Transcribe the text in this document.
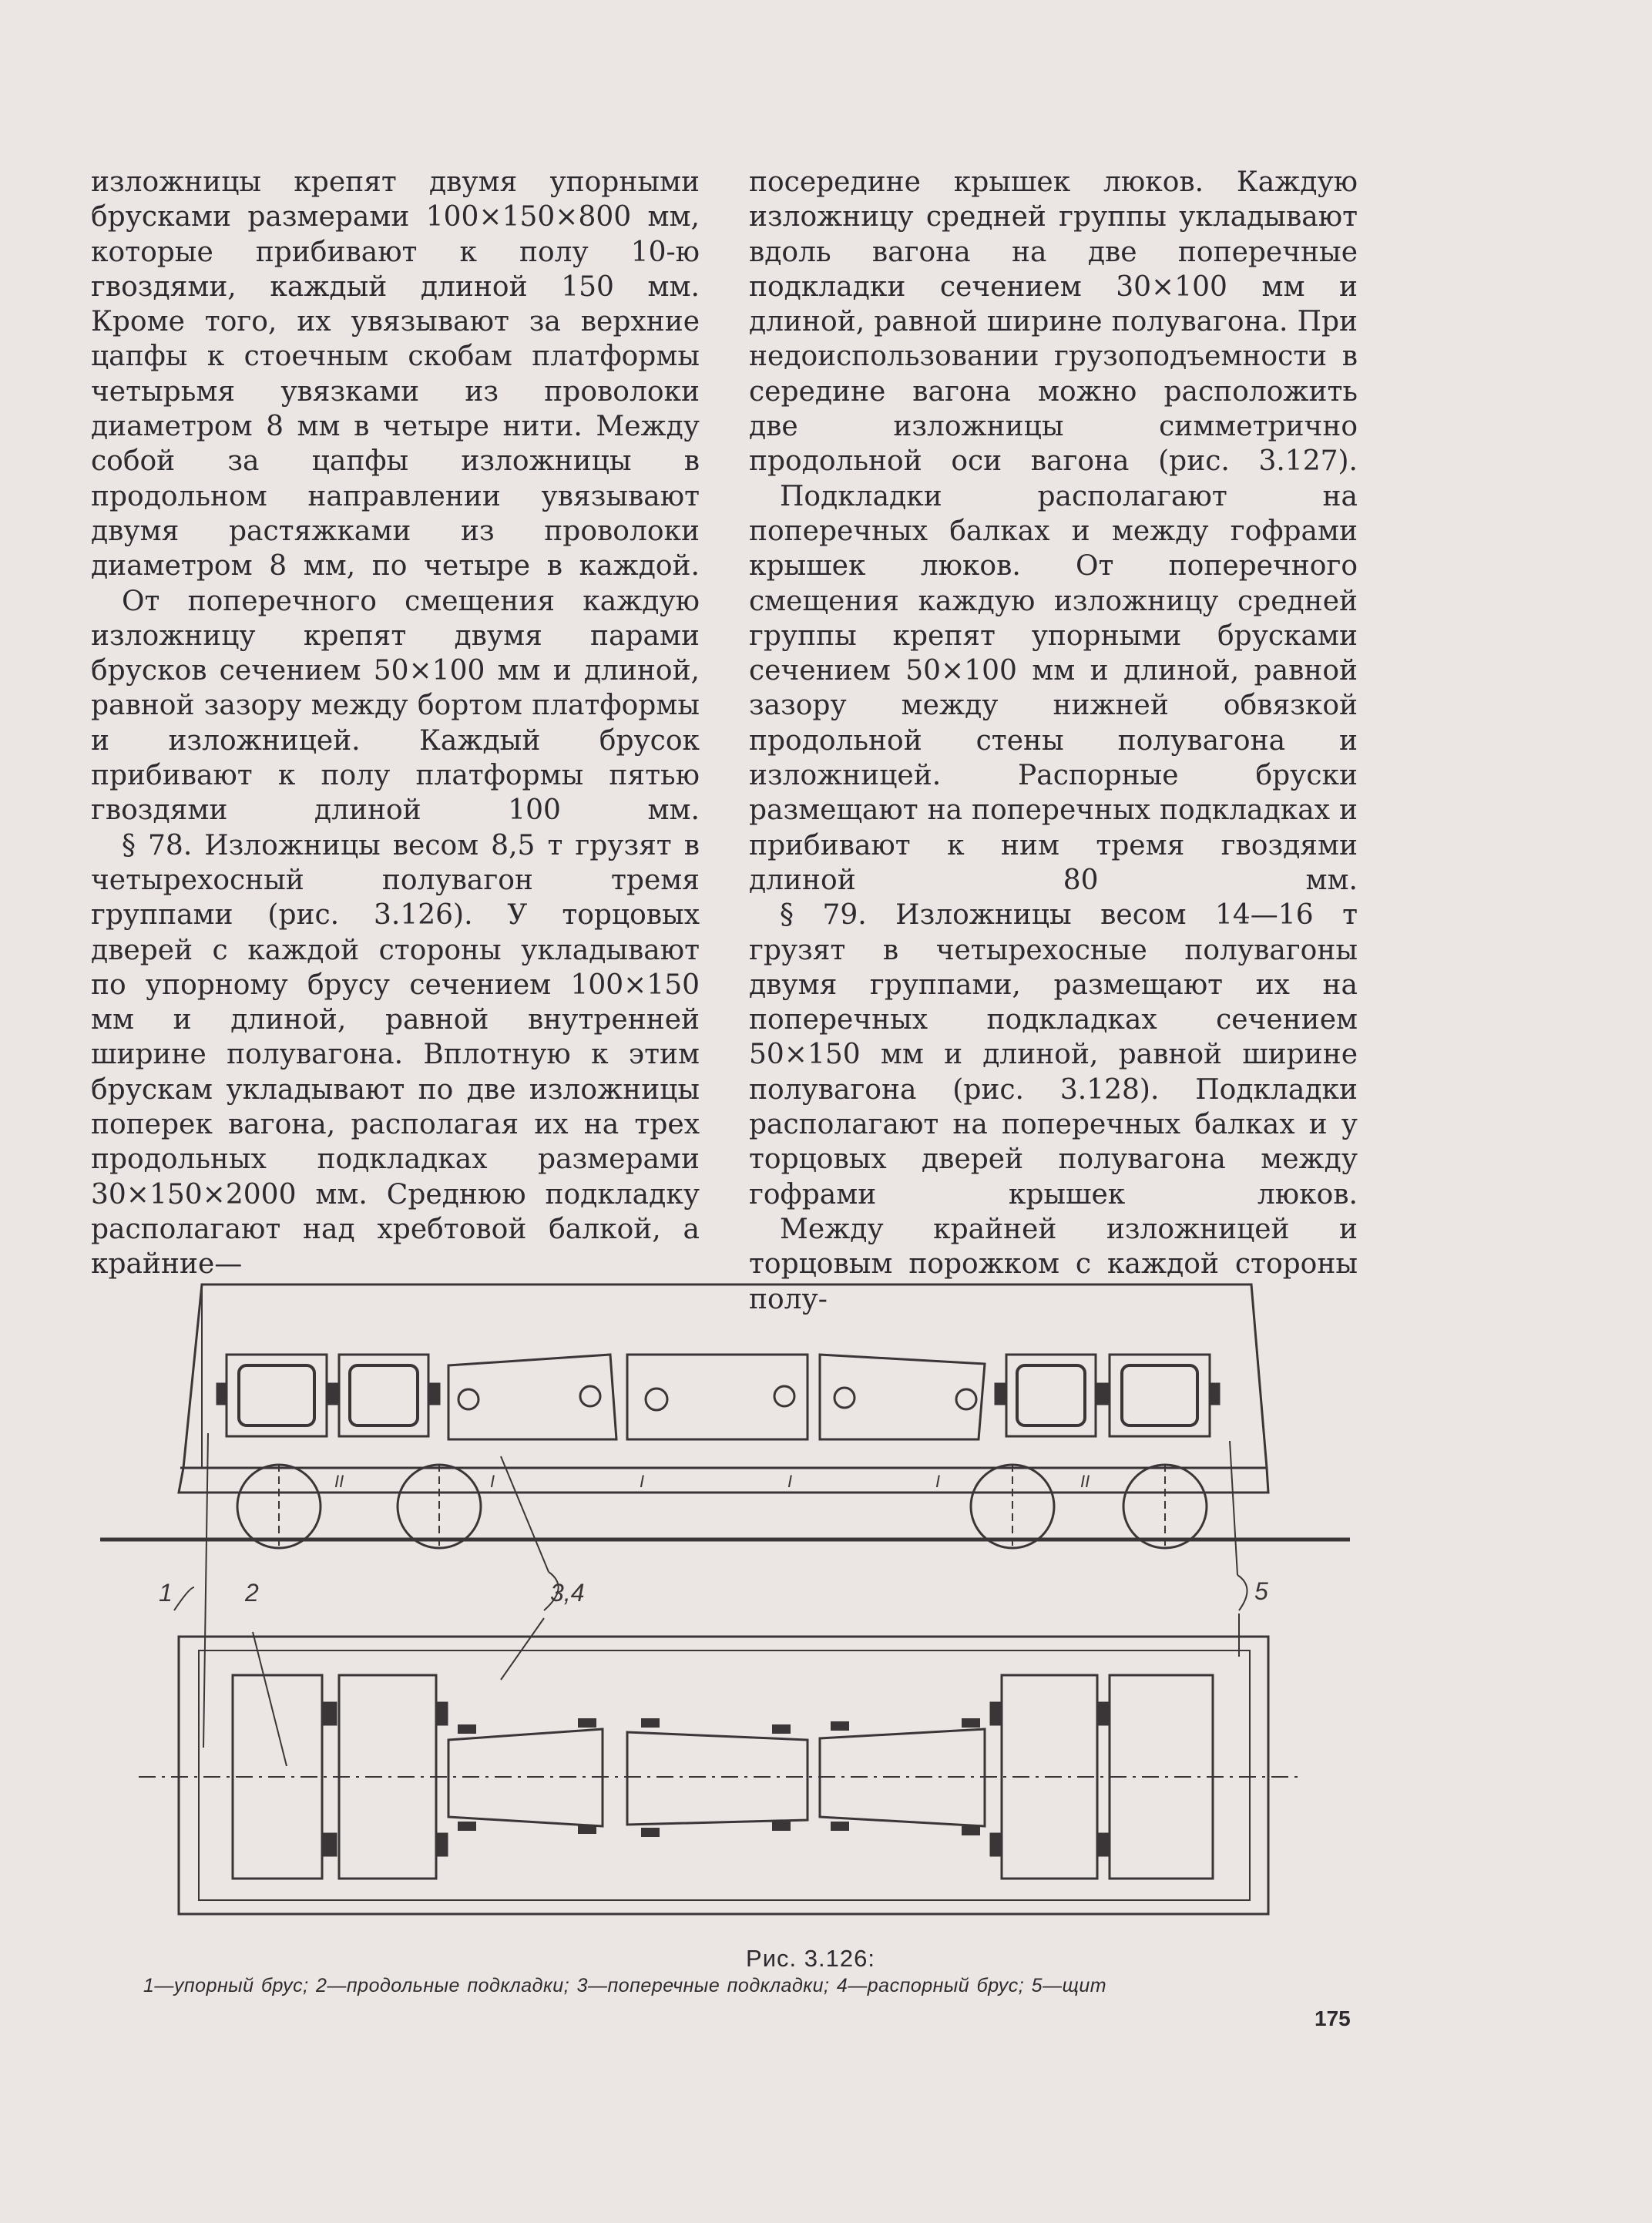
изложницы крепят двумя упорными брусками размерами 100×150×800 мм, которые прибивают к полу 10-ю гвоздями, каждый длиной 150 мм. Кроме того, их увязывают за верхние цапфы к стоечным скобам платформы четырьмя увязками из проволоки диаметром 8 мм в четыре нити. Между собой за цапфы изложницы в продольном направлении увязывают двумя растяжками из проволоки диаметром 8 мм, по четыре в каждой.

От поперечного смещения каждую изложницу крепят двумя парами брусков сечением 50×100 мм и длиной, равной зазору между бортом платформы и изложницей. Каждый брусок прибивают к полу платформы пятью гвоздями длиной 100 мм.

§ 78. Изложницы весом 8,5 т грузят в четырехосный полувагон тремя группами (рис. 3.126). У торцовых дверей с каждой стороны укладывают по упорному брусу сечением 100×150 мм и длиной, равной внутренней ширине полувагона. Вплотную к этим брускам укладывают по две изложницы поперек вагона, располагая их на трех продольных подкладках размерами 30×150×2000 мм. Среднюю подкладку располагают над хребтовой балкой, а крайние—

посередине крышек люков. Каждую изложницу средней группы укладывают вдоль вагона на две поперечные подкладки сечением 30×100 мм и длиной, равной ширине полувагона. При недоиспользовании грузоподъемности в середине вагона можно расположить две изложницы симметрично продольной оси вагона (рис. 3.127).

Подкладки располагают на поперечных балках и между гофрами крышек люков. От поперечного смещения каждую изложницу средней группы крепят упорными брусками сечением 50×100 мм и длиной, равной зазору между нижней обвязкой продольной стены полувагона и изложницей. Распорные бруски размещают на поперечных подкладках и прибивают к ним тремя гвоздями длиной 80 мм.

§ 79. Изложницы весом 14—16 т грузят в четырехосные полувагоны двумя группами, размещают их на поперечных подкладках сечением 50×150 мм и длиной, равной ширине полувагона (рис. 3.128). Подкладки располагают на поперечных балках и у торцовых дверей полувагона между гофрами крышек люков.

Между крайней изложницей и торцовым порожком с каждой стороны полу-

II	I	I	I	I	II
1	2	3,4	5
Рис. 3.126:
1—упорный брус; 2—продольные подкладки; 3—поперечные подкладки; 4—распорный брус; 5—щит
175
